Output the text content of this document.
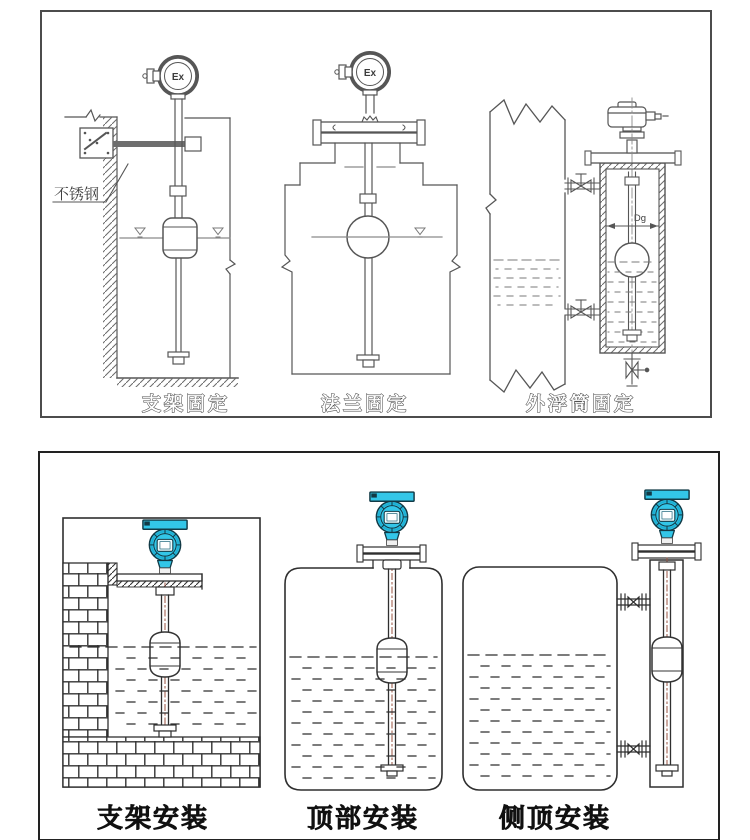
不锈钢
Ex
支架固定
Ex
法兰固定
Dg
外浮筒固定
支架安装	顶部安装	侧顶安装
